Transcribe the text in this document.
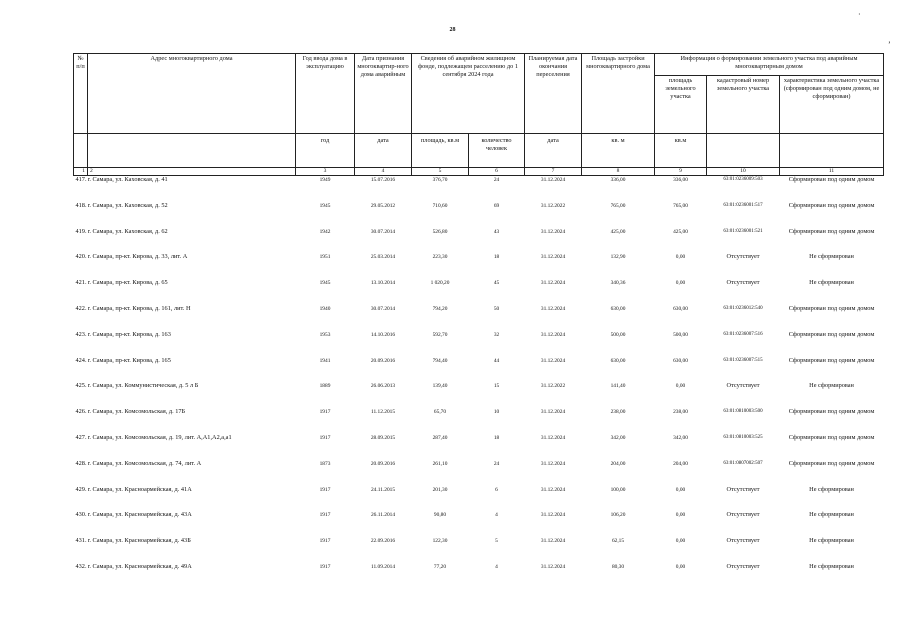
28
·
ʼ
№ п/п	Адрес многоквартирного дома	Год ввода дома в эксплуатацию	Дата признания многоквартир-ного дома аварийным	Сведения об аварийном жилищном фонде, подлежащем расселению до 1 сентября 2024 года		Планируемая дата окончания переселения	Площадь застройки многоквартирного дома	Информация о формировании земельного участка под аварийным многоквартирным домом		
								площадь земельного участка	кадастровый номер земельного участка	характеристика земельного участка (сформирован под одним домом, не сформирован)
		год	дата	площадь, кв.м	количество человек	дата	кв. м	кв.м		
1	2	3	4	5	6	7	8	9	10	11
417.	г. Самара, ул. Каховская, д. 41	1949	15.07.2016	376,70	24	31.12.2024	336,00	336,00	63:01:0236009:503	Сформирован под одним домом
418.	г. Самара, ул. Каховская, д. 52	1945	29.05.2012	710,60	69	31.12.2022	765,00	765,00	63:01:0236001:517	Сформирован под одним домом
419.	г. Самара, ул. Каховская, д. 62	1942	30.07.2014	526,80	43	31.12.2024	425,00	425,00	63:01:0236001:521	Сформирован под одним домом
420.	г. Самара, пр-кт. Кирова, д. 33, лит. А	1951	25.03.2014	223,30	18	31.12.2024	132,90	0,00	Отсутствует	Не сформирован
421.	г. Самара, пр-кт. Кирова, д. 65	1945	13.10.2014	1 020,20	45	31.12.2024	340,36	0,00	Отсутствует	Не сформирован
422.	г. Самара, пр-кт. Кирова, д. 161, лит. Н	1940	30.07.2014	794,20	50	31.12.2024	630,00	630,00	63:01:0236012:540	Сформирован под одним домом
423.	г. Самара, пр-кт. Кирова, д. 163	1953	14.10.2016	592,70	32	31.12.2024	500,00	500,00	63:01:0236007:516	Сформирован под одним домом
424.	г. Самара, пр-кт. Кирова, д. 165	1941	20.09.2016	794,40	44	31.12.2024	630,00	630,00	63:01:0236007:515	Сформирован под одним домом
425.	г. Самара, ул. Коммунистическая, д. 5 л Б	1889	26.06.2013	139,40	15	31.12.2022	141,40	0,00	Отсутствует	Не сформирован
426.	г. Самара, ул. Комсомольская, д. 17Б	1917	11.12.2015	65,70	10	31.12.2024	238,00	238,00	63:01:0810003:500	Сформирован под одним домом
427.	г. Самара, ул. Комсомольская, д. 19, лит. А,А1,А2,а,а1	1917	28.09.2015	287,40	18	31.12.2024	342,00	342,00	63:01:0810003:525	Сформирован под одним домом
428.	г. Самара, ул. Комсомольская, д. 74, лит. А	1873	20.09.2016	261,10	24	31.12.2024	204,00	204,00	63:01:0807002:507	Сформирован под одним домом
429.	г. Самара, ул. Красноармейская, д. 41А	1917	24.11.2015	201,30	6	31.12.2024	100,00	0,00	Отсутствует	Не сформирован
430.	г. Самара, ул. Красноармейская, д. 43А	1917	26.11.2014	90,80	4	31.12.2024	106,20	0,00	Отсутствует	Не сформирован
431.	г. Самара, ул. Красноармейская, д. 43Б	1917	22.09.2016	122,30	5	31.12.2024	62,15	0,00	Отсутствует	Не сформирован
432.	г. Самара, ул. Красноармейская, д. 49А	1917	11.09.2014	77,20	4	31.12.2024	80,30	0,00	Отсутствует	Не сформирован
